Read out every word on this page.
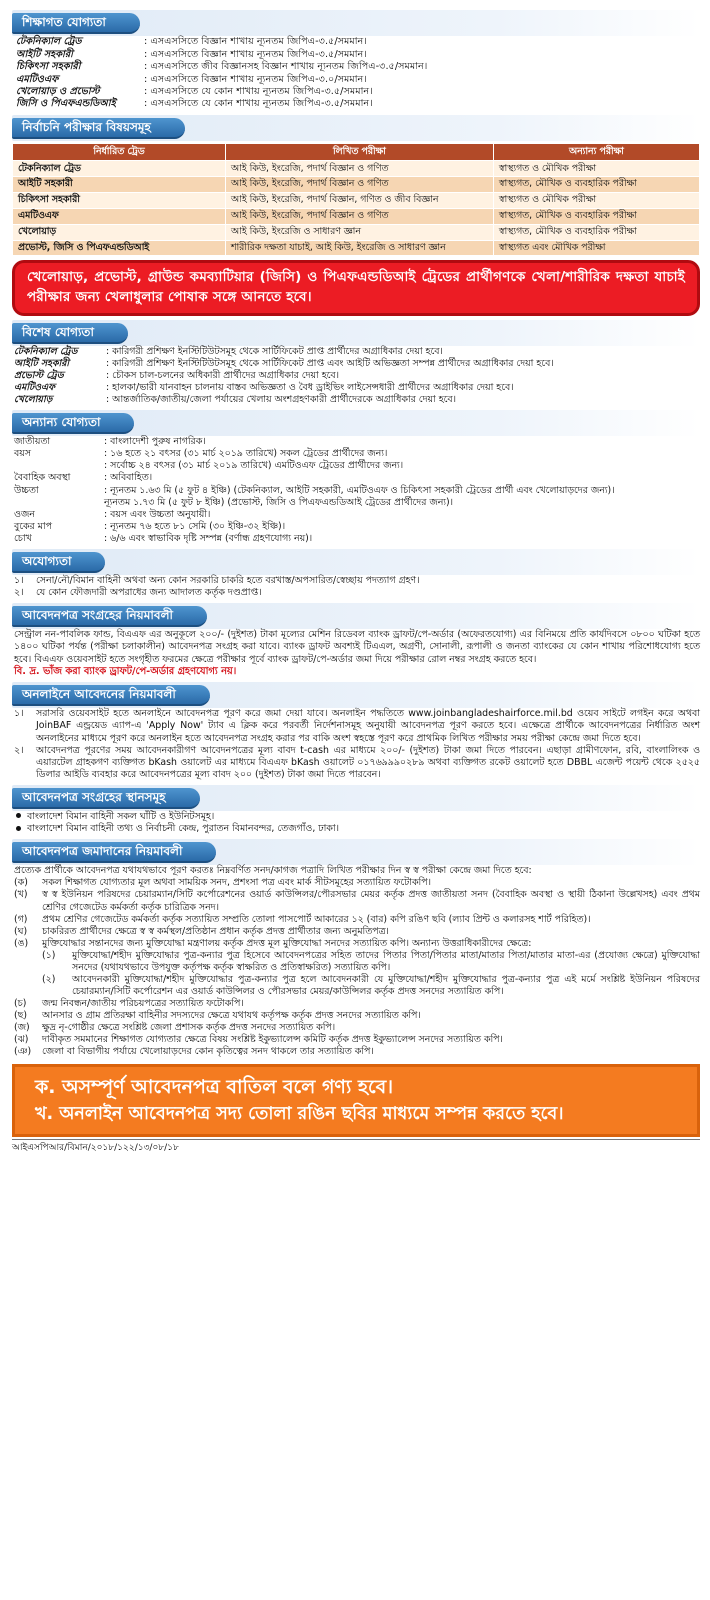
শিক্ষাগত যোগ্যতা
টেকনিক্যাল ট্রেড	: এসএসসিতে বিজ্ঞান শাখায় ন্যূনতম জিপিএ-৩.৫/সমমান।
আইটি সহকারী	: এসএসসিতে বিজ্ঞান শাখায় ন্যূনতম জিপিএ-৩.৫/সমমান।
চিকিৎসা সহকারী	: এসএসসিতে জীব বিজ্ঞানসহ বিজ্ঞান শাখায় ন্যূনতম জিপিএ-৩.৫/সমমান।
এমটিওএফ	: এসএসসিতে বিজ্ঞান শাখায় ন্যূনতম জিপিএ-৩.০/সমমান।
খেলোয়াড় ও প্রভোস্ট	: এসএসসিতে যে কোন শাখায় ন্যূনতম জিপিএ-৩.৫/সমমান।
জিসি ও পিএফএন্ডডিআই	: এসএসসিতে যে কোন শাখায় ন্যূনতম জিপিএ-৩.৫/সমমান।
নির্বাচনি পরীক্ষার বিষয়সমূহ
নির্ধারিত ট্রেড	লিখিত পরীক্ষা	অন্যান্য পরীক্ষা
টেকনিক্যাল ট্রেড	আই কিউ, ইংরেজি, পদার্থ বিজ্ঞান ও গণিত	স্বাস্থ্যগত ও মৌখিক পরীক্ষা
আইটি সহকারী	আই কিউ, ইংরেজি, পদার্থ বিজ্ঞান ও গণিত	স্বাস্থ্যগত, মৌখিক ও ব্যবহারিক পরীক্ষা
চিকিৎসা সহকারী	আই কিউ, ইংরেজি, পদার্থ বিজ্ঞান, গণিত ও জীব বিজ্ঞান	স্বাস্থ্যগত ও মৌখিক পরীক্ষা
এমটিওএফ	আই কিউ, ইংরেজি, পদার্থ বিজ্ঞান ও গণিত	স্বাস্থ্যগত, মৌখিক ও ব্যবহারিক পরীক্ষা
খেলোয়াড়	আই কিউ, ইংরেজি ও সাধারণ জ্ঞান	স্বাস্থ্যগত, মৌখিক ও ব্যবহারিক পরীক্ষা
প্রভোস্ট, জিসি ও পিএফএন্ডডিআই	শারীরিক দক্ষতা যাচাই, আই কিউ, ইংরেজি ও সাধারণ জ্ঞান	স্বাস্থ্যগত এবং মৌখিক পরীক্ষা
খেলোয়াড়, প্রভোস্ট, গ্রাউন্ড কমব্যাটিয়ার (জিসি) ও পিএফএন্ডডিআই ট্রেডের প্রার্থীগণকে খেলা/শারীরিক দক্ষতা যাচাই পরীক্ষার জন্য খেলাধুলার পোষাক সঙ্গে আনতে হবে।
বিশেষ যোগ্যতা
টেকনিক্যাল ট্রেড	: কারিগরী প্রশিক্ষণ ইনস্টিটিউটসমূহ থেকে সার্টিফিকেট প্রাপ্ত প্রার্থীদের অগ্রাধিকার দেয়া হবে।
আইটি সহকারী	: কারিগরী প্রশিক্ষণ ইনস্টিটিউটসমূহ থেকে সার্টিফিকেট প্রাপ্ত এবং আইটি অভিজ্ঞতা সম্পন্ন প্রার্থীদের অগ্রাধিকার দেয়া হবে।
প্রভোস্ট ট্রেড	: চৌকস চাল-চলনের অধিকারী প্রার্থীদের অগ্রাধিকার দেয়া হবে।
এমটিওএফ	: হালকা/ভারী যানবাহন চালনায় বাস্তব অভিজ্ঞতা ও বৈধ ড্রাইভিং লাইসেন্সধারী প্রার্থীদের অগ্রাধিকার দেয়া হবে।
খেলোয়াড়	: আন্তর্জাতিক/জাতীয়/জেলা পর্যায়ের খেলায় অংশগ্রহণকারী প্রার্থীদেরকে অগ্রাধিকার দেয়া হবে।
অন্যান্য যোগ্যতা
জাতীয়তা	: বাংলাদেশী পুরুষ নাগরিক।
বয়স	: ১৬ হতে ২১ বৎসর (৩১ মার্চ ২০১৯ তারিখে) সকল ট্রেডের প্রার্থীদের জন্য।
: সর্বোচ্চ ২৪ বৎসর (৩১ মার্চ ২০১৯ তারিখে) এমটিওএফ ট্রেডের প্রার্থীদের জন্য।
বৈবাহিক অবস্থা	: অবিবাহিত।
উচ্চতা	: ন্যূনতম ১.৬৩ মি (৫ ফুট ৪ ইঞ্চি) (টেকনিক্যাল, আইটি সহকারী, এমটিওএফ ও চিকিৎসা সহকারী ট্রেডের প্রার্থী এবং খেলোয়াড়দের জন্য)।
ন্যূনতম ১.৭৩ মি (৫ ফুট ৮ ইঞ্চি) (প্রভোস্ট, জিসি ও পিএফএন্ডডিআই ট্রেডের প্রার্থীদের জন্য)।
ওজন	: বয়স এবং উচ্চতা অনুযায়ী।
বুকের মাপ	: ন্যূনতম ৭৬ হতে ৮১ সেমি (৩০ ইঞ্চি-৩২ ইঞ্চি)।
চোখ	: ৬/৬ এবং স্বাভাবিক দৃষ্টি সম্পন্ন (বর্ণান্ধ গ্রহণযোগ্য নয়)।
অযোগ্যতা
১।	সেনা/নৌ/বিমান বাহিনী অথবা অন্য কোন সরকারি চাকরি হতে বরখাস্ত/অপসারিত/স্বেচ্ছায় পদত্যাগ গ্রহণ।
২।	যে কোন ফৌজদারী অপরাধের জন্য আদালত কর্তৃক দণ্ডপ্রাপ্ত।
আবেদনপত্র সংগ্রহের নিয়মাবলী
সেন্ট্রাল নন-পাবলিক ফান্ড, বিএএফ এর অনুকূলে ২০০/- (দুইশত) টাকা মূল্যের মেশিন রিডেবল ব্যাংক ড্রাফট/পে-অর্ডার (অফেরতযোগ্য) এর বিনিময়ে প্রতি কার্যদিবসে ০৮০০ ঘটিকা হতে ১৪০০ ঘটিকা পর্যন্ত (পরীক্ষা চলাকালীন) আবেদনপত্র সংগ্রহ করা যাবে। ব্যাংক ড্রাফট অবশ্যই টিএএল, অগ্রণী, সোনালী, রূপালী ও জনতা ব্যাংকের যে কোন শাখায় পরিশোধযোগ্য হতে হবে। বিএএফ ওয়েবসাইট হতে সংগৃহীত ফরমের ক্ষেত্রে পরীক্ষার পূর্বে ব্যাংক ড্রাফট/পে-অর্ডার জমা দিয়ে পরীক্ষার রোল নম্বর সংগ্রহ করতে হবে।
বি. দ্র. ভাঁজ করা ব্যাংক ড্রাফট/পে-অর্ডার গ্রহণযোগ্য নয়।
অনলাইনে আবেদনের নিয়মাবলী
১।	সরাসরি ওয়েবসাইট হতে অনলাইনে আবেদনপত্র পূরণ করে জমা দেয়া যাবে। অনলাইন পদ্ধতিতে www.joinbangladeshairforce.mil.bd ওয়েব সাইটে লগইন করে অথবা JoinBAF এন্ড্রয়েড এ্যাপ-এ 'Apply Now' ট্যাব এ ক্লিক করে পরবর্তী নির্দেশনাসমূহ অনুযায়ী আবেদনপত্র পূরণ করতে হবে। এক্ষেত্রে প্রার্থীকে আবেদনপত্রের নির্ধারিত অংশ অনলাইনের মাধ্যমে পূরণ করে অনলাইন হতে আবেদনপত্র সংগ্রহ করার পর বাকি অংশ স্বহস্তে পূরণ করে প্রাথমিক লিখিত পরীক্ষার সময় পরীক্ষা কেন্দ্রে জমা দিতে হবে।
২।	আবেদনপত্র পূরণের সময় আবেদনকারীগণ আবেদনপত্রের মূল্য বাবদ t-cash এর মাধ্যমে ২০০/- (দুইশত) টাকা জমা দিতে পারবেন। এছাড়া গ্রামীণফোন, রবি, বাংলালিংক ও এয়ারটেল গ্রাহকগণ ব্যক্তিগত bKash ওয়ালেট এর মাধ্যমে বিএএফ bKash ওয়ালেট ০১৭৬৯৯৯০২৮৯ অথবা ব্যক্তিগত রকেট ওয়ালেট হতে DBBL এজেন্ট পয়েন্ট থেকে ২৫২৫ ডিলার আইডি ব্যবহার করে আবেদনপত্রের মূল্য বাবদ ২০০ (দুইশত) টাকা জমা দিতে পারবেন।
আবেদনপত্র সংগ্রহের স্থানসমূহ
বাংলাদেশ বিমান বাহিনী সকল ঘাঁটি ও ইউনিটসমূহ।
বাংলাদেশ বিমান বাহিনী তথ্য ও নির্বাচনী কেন্দ্র, পুরাতন বিমানবন্দর, তেজগাঁও, ঢাকা।
আবেদনপত্র জমাদানের নিয়মাবলী
প্রত্যেক প্রার্থীকে আবেদনপত্র যথাযথভাবে পূরণ করতঃ নিম্নবর্ণিত সনদ/কাগজ পত্রাদি লিখিত পরীক্ষার দিন স্ব স্ব পরীক্ষা কেন্দ্রে জমা দিতে হবে:
(ক)	সকল শিক্ষাগত যোগ্যতার মূল অথবা সাময়িক সনদ, প্রশংসা পত্র এবং মার্ক সীটসমূহের সত্যায়িত ফটোকপি।
(খ)	স্ব স্ব ইউনিয়ন পরিষদের চেয়ারম্যান/সিটি কর্পোরেশনের ওয়ার্ড কাউন্সিলর/পৌরসভার মেয়র কর্তৃক প্রদত্ত জাতীয়তা সনদ (বৈবাহিক অবস্থা ও স্থায়ী ঠিকানা উল্লেখসহ) এবং প্রথম শ্রেণির গেজেটেড কর্মকর্তা কর্তৃক চারিত্রিক সনদ।
(গ)	প্রথম শ্রেণির গেজেটেড কর্মকর্তা কর্তৃক সত্যায়িত সম্প্রতি তোলা পাসপোর্ট আকারের ১২ (বার) কপি রঙিণ ছবি (ল্যাব প্রিন্ট ও কলারসহ শার্ট পরিহিত)।
(ঘ)	চাকরিরত প্রার্থীদের ক্ষেত্রে স্ব স্ব কর্মস্থল/প্রতিষ্ঠান প্রধান কর্তৃক প্রদত্ত প্রার্থীতার জন্য অনুমতিপত্র।
(ঙ)	মুক্তিযোদ্ধার সন্তানদের জন্য মুক্তিযোদ্ধা মন্ত্রণালয় কর্তৃক প্রদত্ত মূল মুক্তিযোদ্ধা সনদের সত্যায়িত কপি। অন্যান্য উত্তরাধিকারীদের ক্ষেত্রে:
(১)	মুক্তিযোদ্ধা/শহীদ মুক্তিযোদ্ধার পুত্র-কন্যার পুত্র হিসেবে আবেদনপত্রের সহিত তাদের পিতার পিতা/পিতার মাতা/মাতার পিতা/মাতার মাতা-এর (প্রযোজ্য ক্ষেত্রে) মুক্তিযোদ্ধা সনদের (যথাযথভাবে উপযুক্ত কর্তৃপক্ষ কর্তৃক স্বাক্ষরিত ও প্রতিস্বাক্ষরিত) সত্যায়িত কপি।
(২)	আবেদনকারী মুক্তিযোদ্ধা/শহীদ মুক্তিযোদ্ধার পুত্র-কন্যার পুত্র হলে আবেদনকারী যে মুক্তিযোদ্ধা/শহীদ মুক্তিযোদ্ধার পুত্র-কন্যার পুত্র এই মর্মে সংশ্লিষ্ট ইউনিয়ন পরিষদের চেয়ারম্যান/সিটি কর্পোরেশন এর ওয়ার্ড কাউন্সিলর ও পৌরসভার মেয়র/কাউন্সিলর কর্তৃক প্রদত্ত সনদের সত্যায়িত কপি।
(চ)	জন্ম নিবন্ধন/জাতীয় পরিচয়পত্রের সত্যায়িত ফটোকপি।
(ছ)	আনসার ও গ্রাম প্রতিরক্ষা বাহিনীর সদস্যদের ক্ষেত্রে যথাযথ কর্তৃপক্ষ কর্তৃক প্রদত্ত সনদের সত্যায়িত কপি।
(জ)	ক্ষুদ্র নৃ-গোষ্ঠীর ক্ষেত্রে সংশ্লিষ্ট জেলা প্রশাসক কর্তৃক প্রদত্ত সনদের সত্যায়িত কপি।
(ঝ)	দাবীকৃত সমমানের শিক্ষাগত যোগ্যতার ক্ষেত্রে বিষয় সংশ্লিষ্ট ইকুভ্যালেন্স কমিটি কর্তৃক প্রদত্ত ইকুভ্যালেন্স সনদের সত্যায়িত কপি।
(ঞ)	জেলা বা বিভাগীয় পর্যায়ে খেলোয়াড়দের কোন কৃতিত্বের সনদ থাকলে তার সত্যায়িত কপি।
ক. অসম্পূর্ণ আবেদনপত্র বাতিল বলে গণ্য হবে।
খ. অনলাইন আবেদনপত্র সদ্য তোলা রঙিন ছবির মাধ্যমে সম্পন্ন করতে হবে।
আইএসপিআর/বিমান/২০১৮/১২২/১৩/০৮/১৮
